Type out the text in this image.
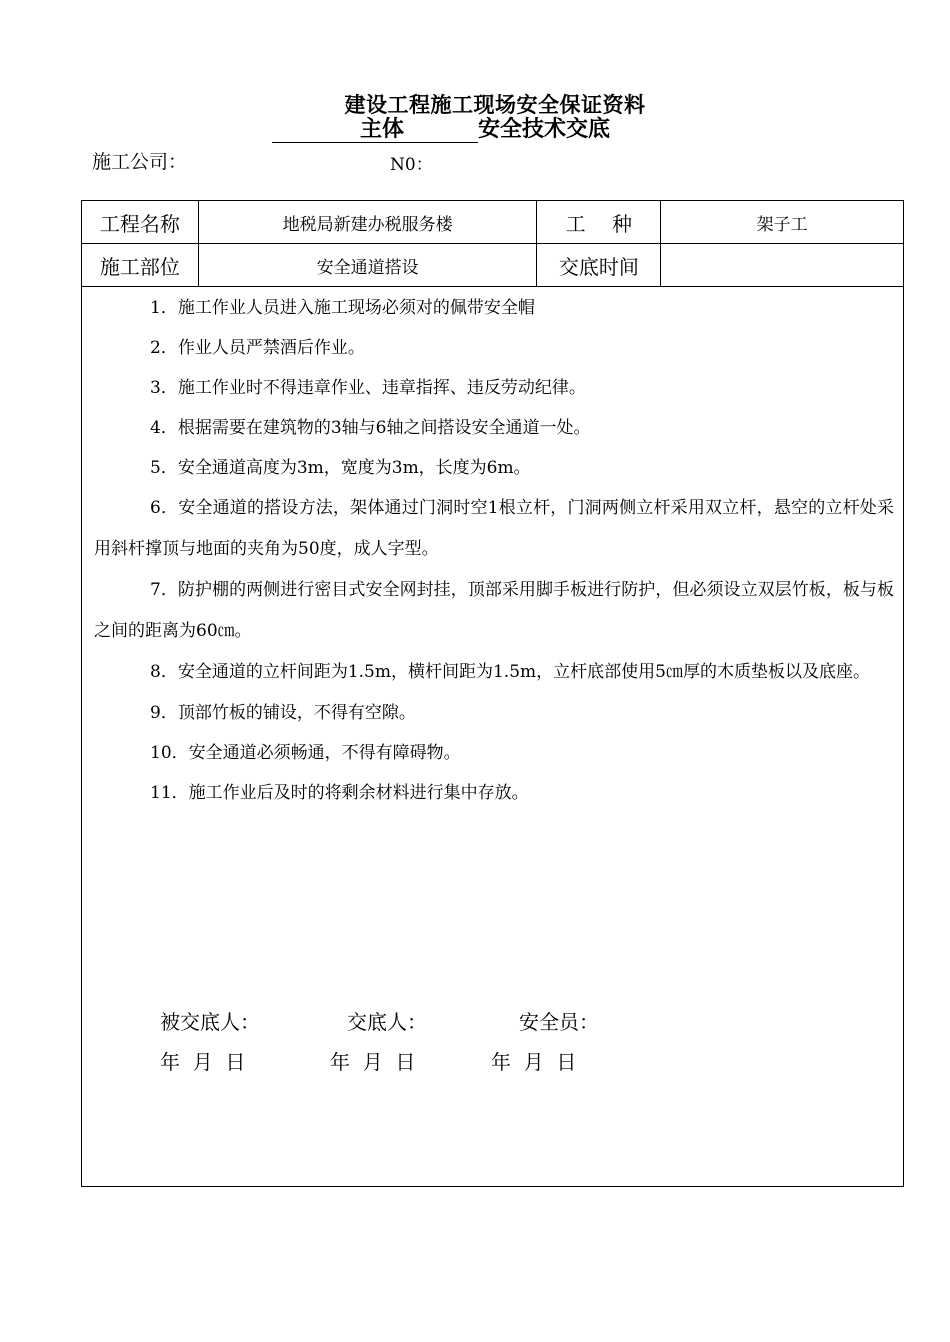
建设工程施工现场安全保证资料
主体	安全技术交底
施工公司：	N0：
工程名称	地税局新建办税服务楼	工　 种	架子工
施工部位	安全通道搭设	交底时间	

1．施工作业人员进入施工现场必须对的佩带安全帽

2．作业人员严禁酒后作业。

3．施工作业时不得违章作业、违章指挥、违反劳动纪律。

4．根据需要在建筑物的3轴与6轴之间搭设安全通道一处。

5．安全通道高度为3m，宽度为3m，长度为6m。

6．安全通道的搭设方法，架体通过门洞时空1根立杆，门洞两侧立杆采用双立杆，悬空的立杆处采用斜杆撑顶与地面的夹角为50度，成人字型。

7．防护棚的两侧进行密目式安全网封挂，顶部采用脚手板进行防护，但必须设立双层竹板，板与板之间的距离为60㎝。

8．安全通道的立杆间距为1.5m，横杆间距为1.5m，立杆底部使用5㎝厚的木质垫板以及底座。

9．顶部竹板的铺设，不得有空隙。

10．安全通道必须畅通，不得有障碍物。

11．施工作业后及时的将剩余材料进行集中存放。

被交底人：	交底人：	安全员：
年  月  日	年  月  日	年  月  日
